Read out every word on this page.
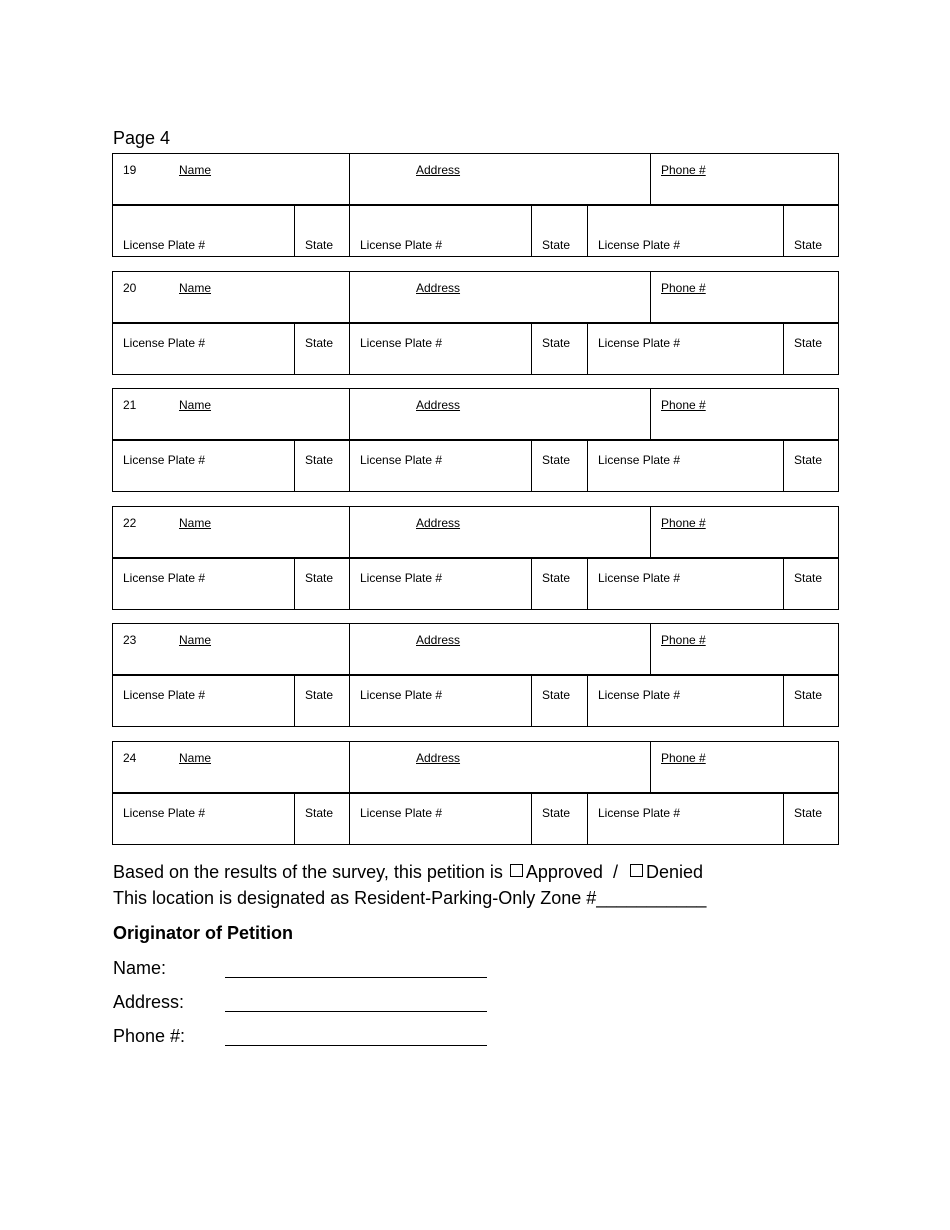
Page 4
19	Name	Address	Phone #
License Plate #	State License Plate #	State License Plate #	State
20	Name	Address	Phone #
License Plate #	State License Plate #	State License Plate #	State
21	Name	Address	Phone #
License Plate #	State License Plate #	State License Plate #	State
22	Name	Address	Phone #
License Plate #	State License Plate #	State License Plate #	State
23	Name	Address	Phone #
License Plate #	State License Plate #	State License Plate #	State
24	Name	Address	Phone #
License Plate #	State License Plate #	State License Plate #	State
Based on the results of the survey, this petition is Approved / Denied
This location is designated as Resident-Parking-Only Zone #___________
Originator of Petition
Name:
Address:
Phone #:
